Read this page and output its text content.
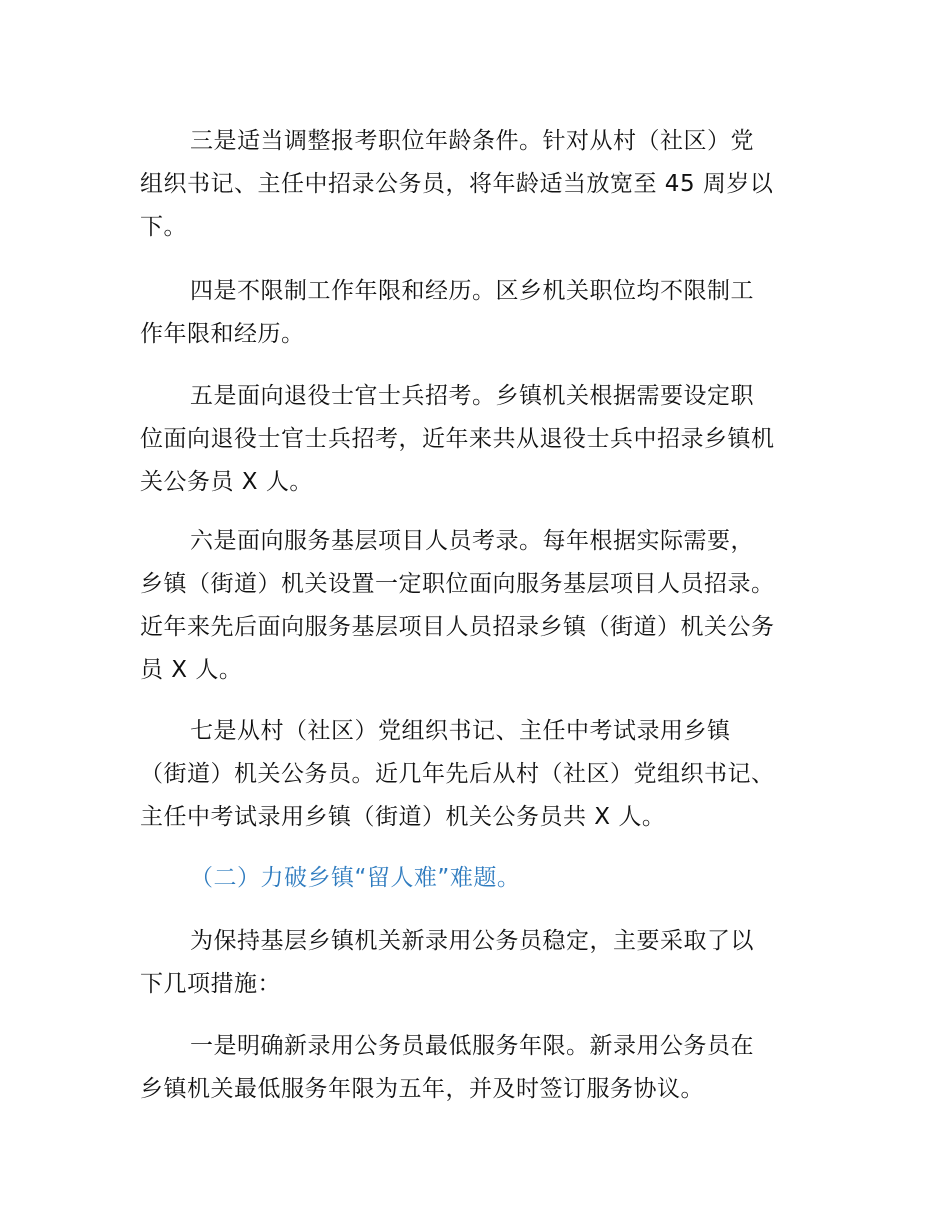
三是适当调整报考职位年龄条件。针对从村（社区）党
组织书记、主任中招录公务员，将年龄适当放宽至 45 周岁以
下。

四是不限制工作年限和经历。区乡机关职位均不限制工
作年限和经历。

五是面向退役士官士兵招考。乡镇机关根据需要设定职
位面向退役士官士兵招考，近年来共从退役士兵中招录乡镇机
关公务员 X 人。

六是面向服务基层项目人员考录。每年根据实际需要，
乡镇（街道）机关设置一定职位面向服务基层项目人员招录。
近年来先后面向服务基层项目人员招录乡镇（街道）机关公务
员 X 人。

七是从村（社区）党组织书记、主任中考试录用乡镇
（街道）机关公务员。近几年先后从村（社区）党组织书记、
主任中考试录用乡镇（街道）机关公务员共 X 人。

（二）力破乡镇“留人难”难题。

为保持基层乡镇机关新录用公务员稳定，主要采取了以
下几项措施：

一是明确新录用公务员最低服务年限。新录用公务员在
乡镇机关最低服务年限为五年，并及时签订服务协议。
